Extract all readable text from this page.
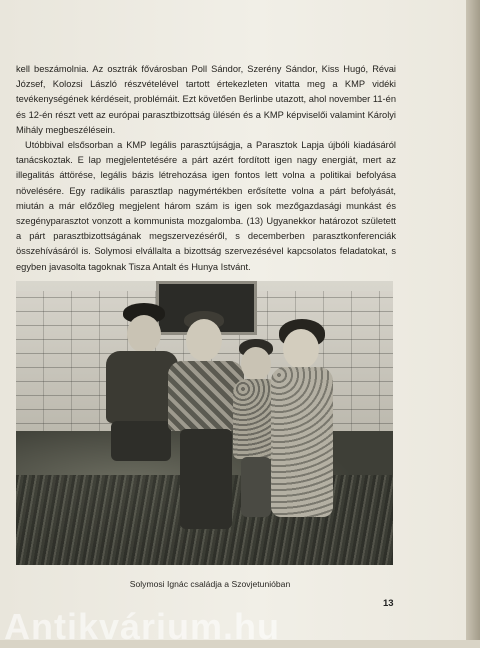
kell beszámolnia. Az osztrák fővárosban Poll Sándor, Szerény Sándor, Kiss Hugó, Révai József, Kolozsi László részvételével tartott értekezleten vitatta meg a KMP vidéki tevékenységének kérdéseit, problémáit. Ezt követően Berlinbe utazott, ahol november 11-én és 12-én részt vett az európai parasztbizottság ülésén és a KMP képviselői valamint Károlyi Mihály megbeszélésein.

Utóbbival elsősorban a KMP legális parasztújságja, a Parasztok Lapja újbóli kiadásáról tanácskoztak. E lap megjelentetésére a párt azért fordított igen nagy energiát, mert az illegalitás áttörése, legális bázis létrehozása igen fontos lett volna a politikai befolyása növelésére. Egy radikális parasztlap nagymértékben erősítette volna a párt befolyását, miután a már előzőleg megjelent három szám is igen sok mezőgazdasági munkást és szegényparasztot vonzott a kommunista mozgalomba. (13) Ugyanekkor határozot született a párt parasztbizottságának megszervezéséről, s decemberben parasztkonferenciák összehívásáról is. Solymosi elvállalta a bizottság szervezésével kapcsolatos feladatokat, s egyben javasolta tagoknak Tisza Antalt és Hunya Istvánt.

Solymosi Ignác családja a Szovjetunióban
13
Antikvárium.hu
